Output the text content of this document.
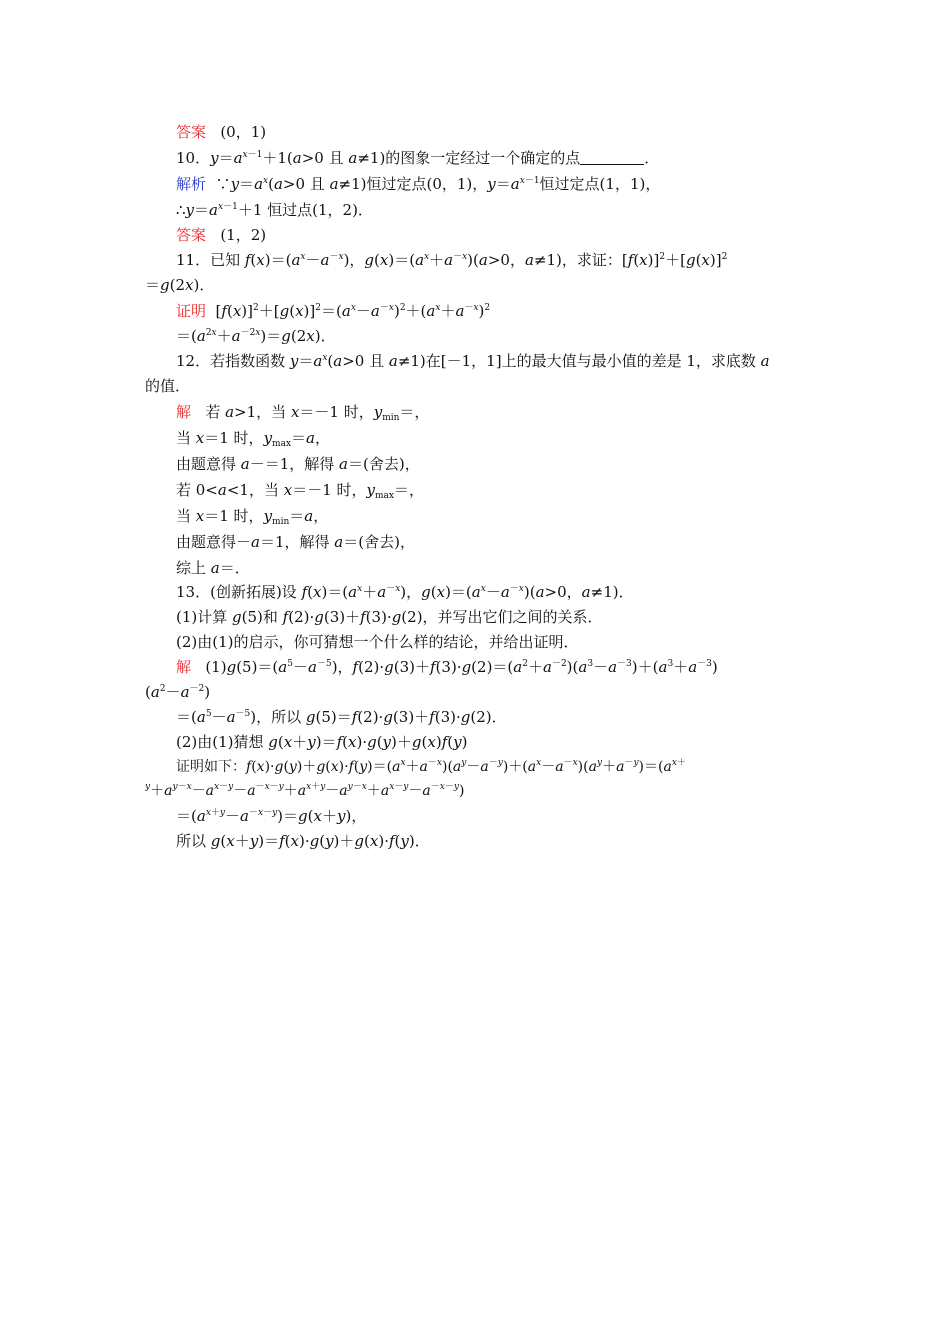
答案   (0，1)
10．$y=a^{x-1}+1(a>0$ 且 a≠1)的图象一定经过一个确定的点	．
解析  $\because y=a^x(a>0$ 且 a≠1)恒过定点(0，1)，$y=a^{x-1}$恒过定点(1，1)，
$\therefore y=a^{x-1}+1$ 恒过点(1，2)．
答案   (1，2)
11．已知 $f(x)=(a^x-a^{-x})$，$g(x)=(a^x+a^{-x})(a>0$，a≠1)，求证：$[f(x)]^2+[g(x)]^2$
＝g(2x)．
证明  $[f(x)]^2+[g(x)]^2=(a^x-a^{-x})^2+(a^x+a^{-x})^2$
$=(a^{2x}+a^{-2x})=g(2x)$．
12．若指数函数 $y=a^x(a>0$ 且 a≠1)在[－1，1]上的最大值与最小值的差是 1，求底数 a
的值．
解   若 a>1，当 x＝－1 时，$y_{min}=$，
当 x＝1 时，$y_{max}=a$，
由题意得 a－＝1，解得 a＝(舍去)，
若 0<a<1，当 x＝－1 时，$y_{max}=$，
当 x＝1 时，$y_{min}=a$，
由题意得－a＝1，解得 a＝(舍去)，
综上 a＝．
13．(创新拓展)设 $f(x)=(a^x+a^{-x})$，$g(x)=(a^x-a^{-x})(a>0$，a≠1)．
(1)计算 g(5)和 f(2)·g(3)＋f(3)·g(2)，并写出它们之间的关系．
(2)由(1)的启示，你可猜想一个什么样的结论，并给出证明．
解   $(1)g(5)=(a^5-a^{-5})$，$f(2)\cdot g(3)+f(3)\cdot g(2)=(a^2+a^{-2})(a^3-a^{-3})+(a^3+a^{-3})$
$(a^2-a^{-2})$
$=(a^5-a^{-5})$，所以 g(5)＝f(2)·g(3)＋f(3)·g(2)．
(2)由(1)猜想 g(x＋y)＝f(x)·g(y)＋g(x)f(y)
证明如下：$f(x)\cdot g(y)+g(x)\cdot f(y)=(a^x+a^{-x})(a^y-a^{-y})+(a^x-a^{-x})(a^y+a^{-y})=(a^{x+}$
$^y+a^{y-x}-a^{x-y}-a^{-x-y}+a^{x+y}-a^{y-x}+a^{x-y}-a^{-x-y}$)
$=(a^{x+y}-a^{-x-y})=g(x+y)$，
所以 g(x＋y)＝f(x)·g(y)＋g(x)·f(y)．
